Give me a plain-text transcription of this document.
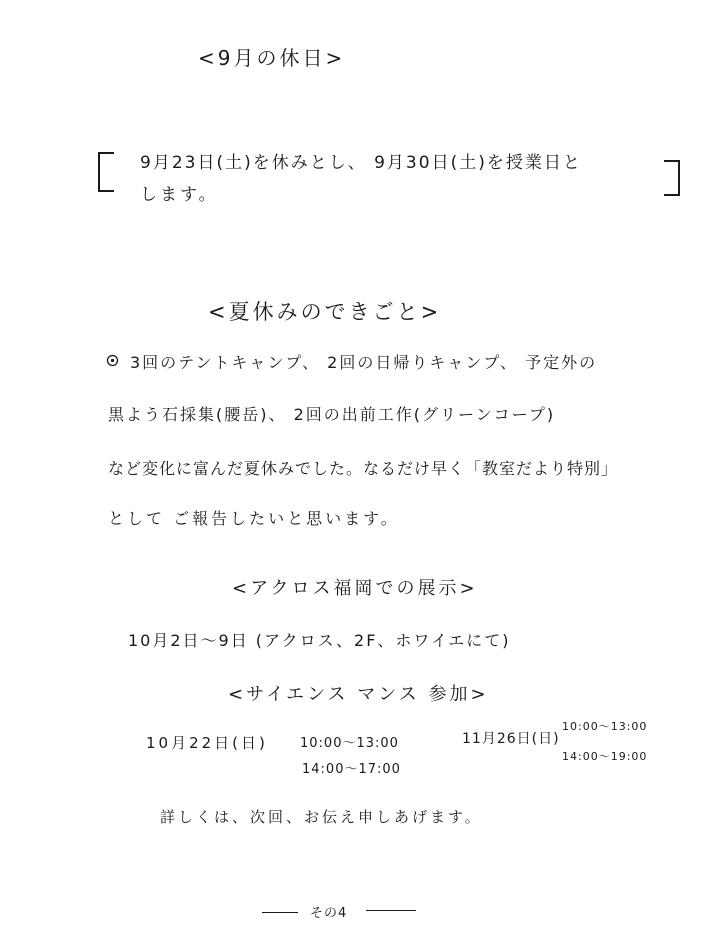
<9月の休日>
9月23日(土)を休みとし、 9月30日(土)を授業日と
します。
<夏休みのできごと>
3回のテントキャンプ、 2回の日帰りキャンプ、 予定外の
黒よう石採集(腰岳)、 2回の出前工作(グリーンコープ)
など変化に富んだ夏休みでした。なるだけ早く「教室だより特別」
として ご報告したいと思います。
<アクロス福岡での展示>
10月2日〜9日 (アクロス、2F、ホワイエにて)
<サイエンス マンス 参加>
10月22日(日) 10:00〜13:00
14:00〜17:00
11月26日(日)
10:00〜13:00
14:00〜19:00
詳しくは、次回、お伝え申しあげます。
その4
